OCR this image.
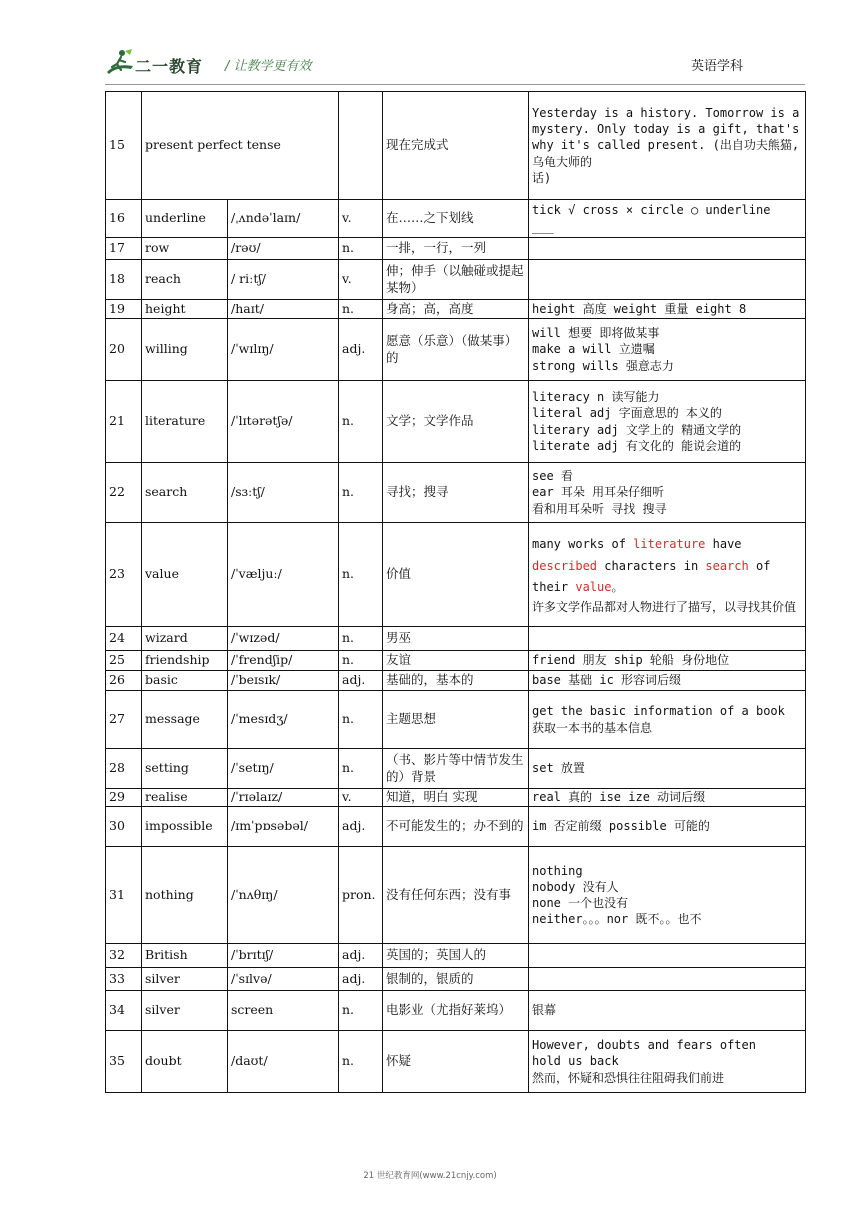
二一教育 / 让教学更有效	英语学科
15	present perfect tense			现在完成式	Yesterday is a history. Tomorrow is a mystery. Only today is a gift, that's why it's called present. (出自功夫熊猫,乌龟大师的
话)

16	underline	/ˌʌndəˈlaɪn/	v.	在……之下划线	tick √ cross × circle ○ underline
___

17	row	/rəʊ/	n.	一排，一行，一列	
18	reach	/ riːtʃ/	v.	伸；伸手（以触碰或提起某物）	
19	height	/haɪt/	n.	身高；高，高度	height 高度 weight 重量 eight 8

20	willing	/ˈwɪlɪŋ/	adj.	愿意（乐意）（做某事）的	will 想要 即将做某事
make a will 立遗嘱
strong wills 强意志力

21	literature	/ˈlɪtərətʃə/	n.	文学；文学作品	literacy n 读写能力
literal adj 字面意思的 本义的
literary adj 文学上的 精通文学的
literate adj 有文化的 能说会道的

22	search	/sɜːtʃ/	n.	寻找；搜寻	see 看
ear 耳朵 用耳朵仔细听
看和用耳朵听 寻找 搜寻

23	value	/ˈvæljuː/	n.	价值	many works of literature have described characters in search of their value。
许多文学作品都对人物进行了描写，以寻找其价值

24	wizard	/ˈwɪzəd/	n.	男巫	
25	friendship	/ˈfrendʃip/	n.	友谊	friend 朋友 ship 轮船 身份地位

26	basic	/ˈbeɪsɪk/	adj.	基础的，基本的	base 基础 ic 形容词后缀

27	message	/ˈmesɪdʒ/	n.	主题思想	get the basic information of a book
获取一本书的基本信息

28	setting	/ˈsetɪŋ/	n.	（书、影片等中情节发生的）背景	set 放置

29	realise	/ˈrɪəlaɪz/	v.	知道，明白 实现	real 真的 ise ize 动词后缀

30	impossible	/ɪmˈpɒsəbəl/	adj.	不可能发生的；办不到的	im 否定前缀 possible 可能的

31	nothing	/ˈnʌθɪŋ/	pron.	没有任何东西；没有事	nothing
nobody 没有人
none 一个也没有
neither。。。nor 既不。。也不

32	British	/ˈbrɪtɪʃ/	adj.	英国的；英国人的	
33	silver	/ˈsɪlvə/	adj.	银制的，银质的	
34	silver	screen	n.	电影业（尤指好莱坞）	银幕

35	doubt	/daʊt/	n.	怀疑	However, doubts and fears often
hold us back
然而，怀疑和恐惧往往阻碍我们前进
21 世纪教育网(www.21cnjy.com)
